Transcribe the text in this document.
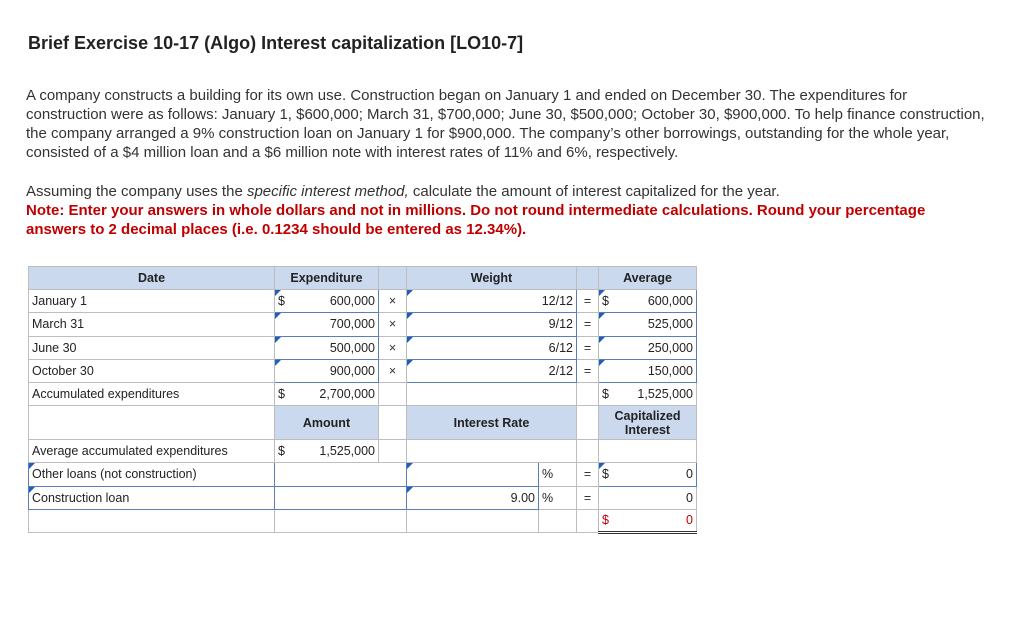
Brief Exercise 10-17 (Algo) Interest capitalization [LO10-7]
A company constructs a building for its own use. Construction began on January 1 and ended on December 30. The expenditures for construction were as follows: January 1, $600,000; March 31, $700,000; June 30, $500,000; October 30, $900,000. To help finance construction, the company arranged a 9% construction loan on January 1 for $900,000. The company’s other borrowings, outstanding for the whole year, consisted of a $4 million loan and a $6 million note with interest rates of 11% and 6%, respectively.
Assuming the company uses the specific interest method, calculate the amount of interest capitalized for the year.
Note: Enter your answers in whole dollars and not in millions. Do not round intermediate calculations. Round your percentage answers to 2 decimal places (i.e. 0.1234 should be entered as 12.34%).
Date	Expenditure		Weight			Average
January 1	$ 600,000	×	12/12		=	$ 600,000
March 31	700,000	×	9/12		=	525,000
June 30	500,000	×	6/12		=	250,000
October 30	900,000	×	2/12		=	150,000
Accumulated expenditures	$ 2,700,000					$ 1,525,000
	Amount		Interest Rate			Capitalized Interest
Average accumulated expenditures	$ 1,525,000					
Other loans (not construction)				%	=	$ 0
Construction loan			9.00	%	=	0

						$ 0
